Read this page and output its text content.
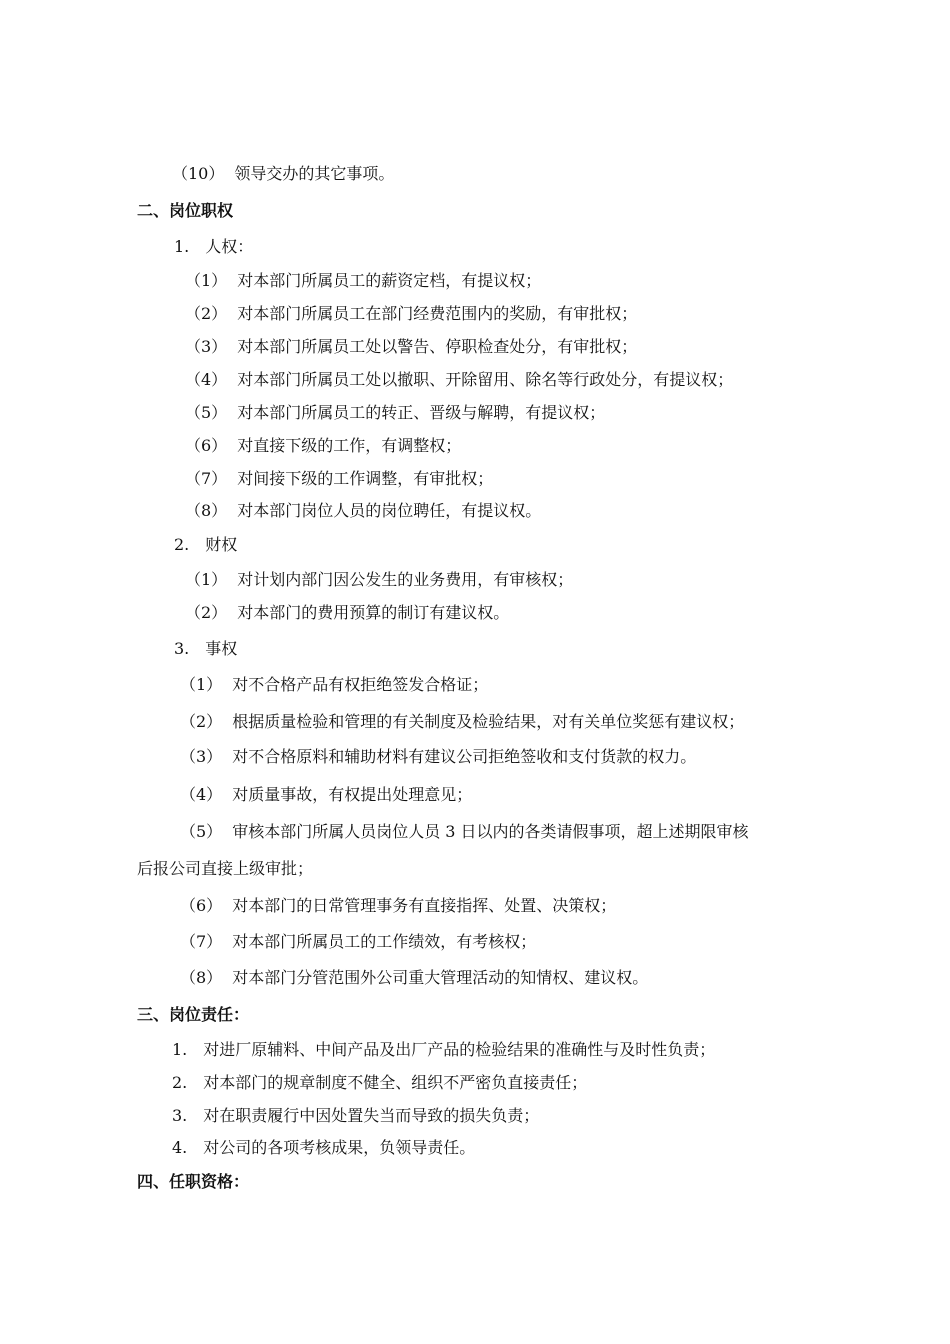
（10） 领导交办的其它事项。
二、岗位职权
1. 人权：
（1） 对本部门所属员工的薪资定档，有提议权；
（2） 对本部门所属员工在部门经费范围内的奖励，有审批权；
（3） 对本部门所属员工处以警告、停职检查处分，有审批权；
（4） 对本部门所属员工处以撤职、开除留用、除名等行政处分，有提议权；
（5） 对本部门所属员工的转正、晋级与解聘，有提议权；
（6） 对直接下级的工作，有调整权；
（7） 对间接下级的工作调整，有审批权；
（8） 对本部门岗位人员的岗位聘任，有提议权。
2. 财权
（1） 对计划内部门因公发生的业务费用，有审核权；
（2） 对本部门的费用预算的制订有建议权。
3. 事权
（1） 对不合格产品有权拒绝签发合格证；
（2） 根据质量检验和管理的有关制度及检验结果，对有关单位奖惩有建议权；
（3） 对不合格原料和辅助材料有建议公司拒绝签收和支付货款的权力。
（4） 对质量事故，有权提出处理意见；
（5） 审核本部门所属人员岗位人员 3 日以内的各类请假事项，超上述期限审核
后报公司直接上级审批；
（6） 对本部门的日常管理事务有直接指挥、处置、决策权；
（7） 对本部门所属员工的工作绩效，有考核权；
（8） 对本部门分管范围外公司重大管理活动的知情权、建议权。
三、岗位责任：
1. 对进厂原辅料、中间产品及出厂产品的检验结果的准确性与及时性负责；
2. 对本部门的规章制度不健全、组织不严密负直接责任；
3. 对在职责履行中因处置失当而导致的损失负责；
4. 对公司的各项考核成果，负领导责任。
四、任职资格：
